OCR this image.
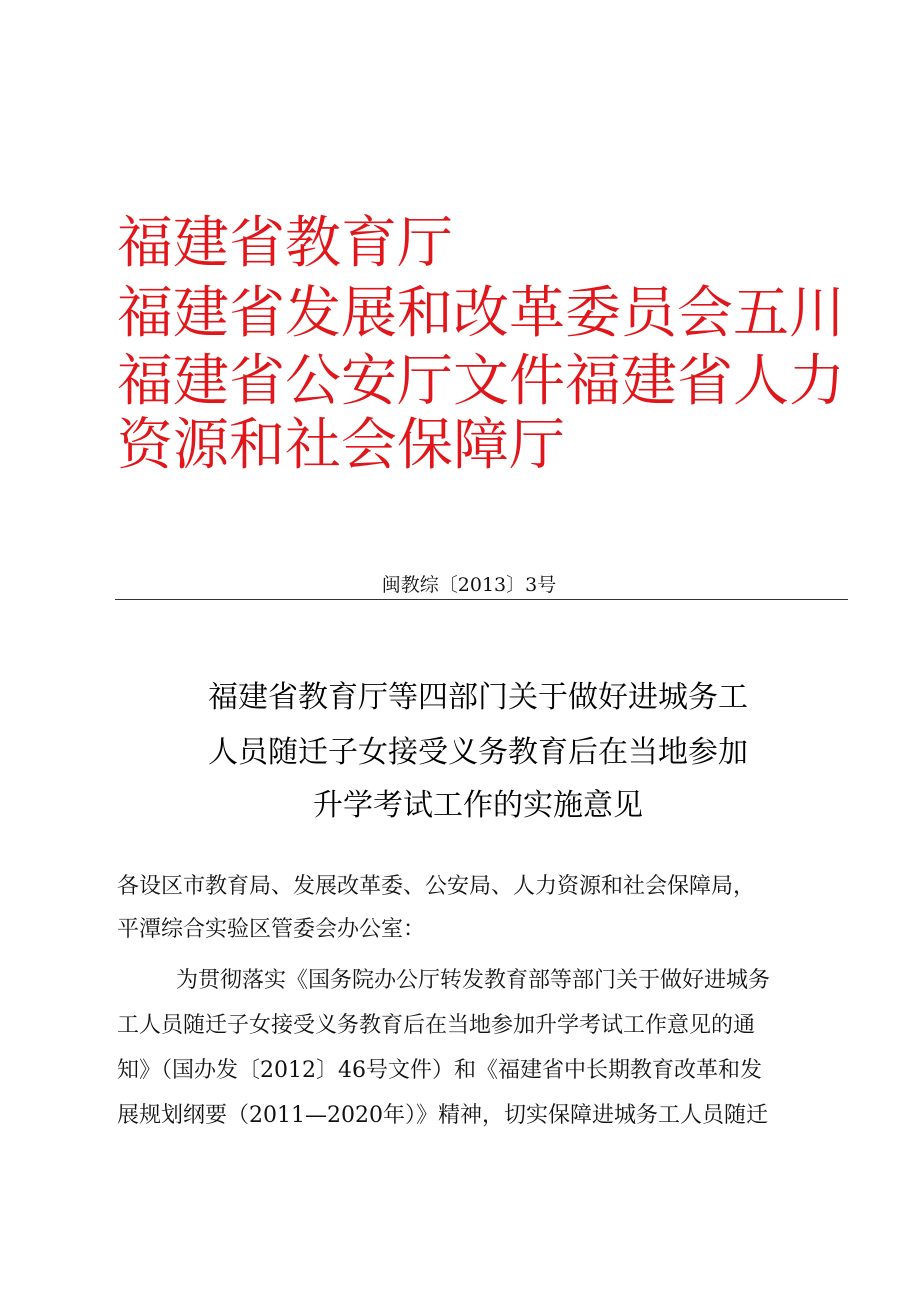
福建省教育厅
福建省发展和改革委员会五川
福建省公安厅文件福建省人力
资源和社会保障厅
闽教综〔2013〕3号
福建省教育厅等四部门关于做好进城务工
人员随迁子女接受义务教育后在当地参加
升学考试工作的实施意见
各设区市教育局、发展改革委、公安局、人力资源和社会保障局，
平潭综合实验区管委会办公室：
为贯彻落实《国务院办公厅转发教育部等部门关于做好进城务
工人员随迁子女接受义务教育后在当地参加升学考试工作意见的通
知》（国办发〔2012〕46号文件）和《福建省中长期教育改革和发
展规划纲要（2011—2020年）》精神，切实保障进城务工人员随迁
